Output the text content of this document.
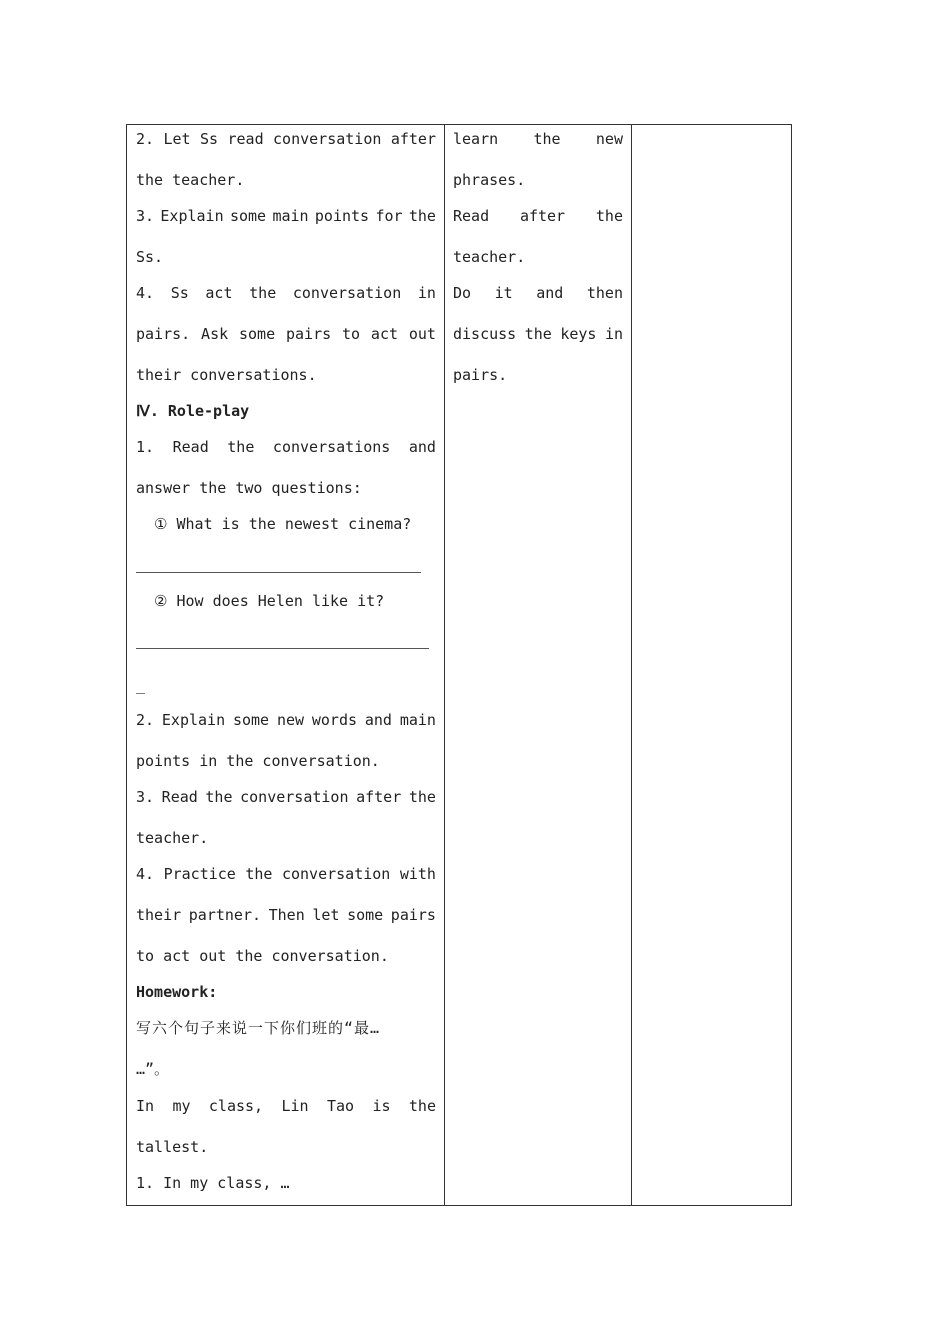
2. Let Ss read conversation after
the teacher.
3. Explain some main points for the
Ss.
4. Ss act the conversation in
pairs. Ask some pairs to act out
their conversations.
Ⅳ. Role-play
1. Read the conversations and
answer the two questions:
① What is the newest cinema?
② How does Helen like it?
_
2. Explain some new words and main
points in the conversation.
3. Read the conversation after the
teacher.
4. Practice the conversation with
their partner. Then let some pairs
to act out the conversation.
Homework:
写六个句子来说一下你们班的“最…
…”。
In my class, Lin Tao is the
tallest.
1. In my class, …
learn the new
phrases.
Read after the
teacher.
Do it and then
discuss the keys in
pairs.
